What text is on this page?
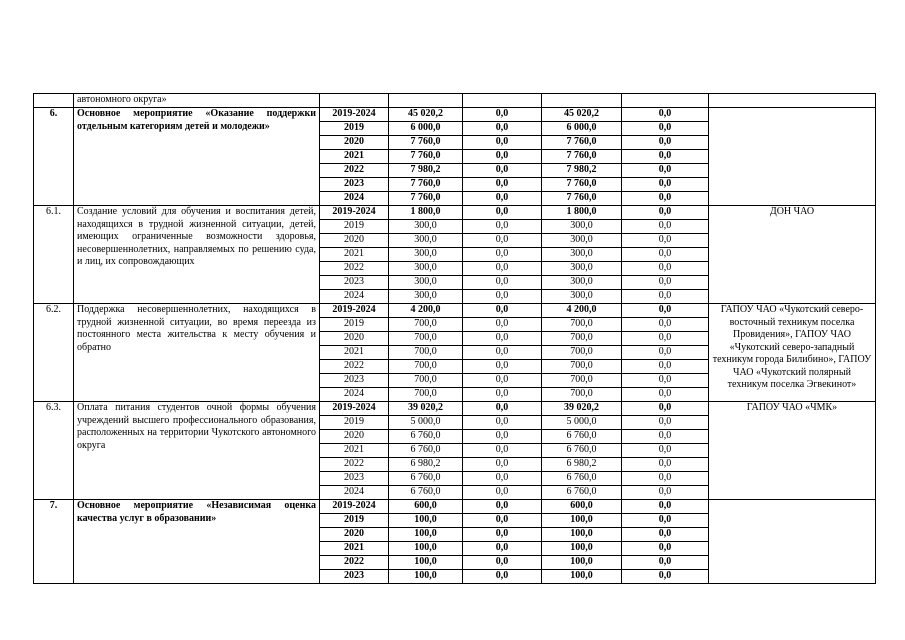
	автономного округа»						
6.	Основное мероприятие «Оказание поддержки отдельным категориям детей и молодежи»	2019-2024	45 020,2	0,0	45 020,2	0,0	
		2019	6 000,0	0,0	6 000,0	0,0	
		2020	7 760,0	0,0	7 760,0	0,0	
		2021	7 760,0	0,0	7 760,0	0,0	
		2022	7 980,2	0,0	7 980,2	0,0	
		2023	7 760,0	0,0	7 760,0	0,0	
		2024	7 760,0	0,0	7 760,0	0,0	
6.1.	Создание условий для обучения и воспитания детей, находящихся в трудной жизненной ситуации, детей, имеющих ограниченные возможности здоровья, несовершеннолетних, направляемых по решению суда, и лиц, их сопровождающих	2019-2024	1 800,0	0,0	1 800,0	0,0	ДОН ЧАО
		2019	300,0	0,0	300,0	0,0	
		2020	300,0	0,0	300,0	0,0	
		2021	300,0	0,0	300,0	0,0	
		2022	300,0	0,0	300,0	0,0	
		2023	300,0	0,0	300,0	0,0	
		2024	300,0	0,0	300,0	0,0	
6.2.	Поддержка несовершеннолетних, находящихся в трудной жизненной ситуации, во время переезда из постоянного места жительства к месту обучения и обратно	2019-2024	4 200,0	0,0	4 200,0	0,0	ГАПОУ ЧАО «Чукотский северо-восточный техникум поселка Провидения», ГАПОУ ЧАО «Чукотский северо-западный техникум города Билибино», ГАПОУ ЧАО «Чукотский полярный техникум поселка Эгвекинот»
		2019	700,0	0,0	700,0	0,0	
		2020	700,0	0,0	700,0	0,0	
		2021	700,0	0,0	700,0	0,0	
		2022	700,0	0,0	700,0	0,0	
		2023	700,0	0,0	700,0	0,0	
		2024	700,0	0,0	700,0	0,0	
6.3.	Оплата питания студентов очной формы обучения учреждений высшего профессионального образования, расположенных на территории Чукотского автономного округа	2019-2024	39 020,2	0,0	39 020,2	0,0	ГАПОУ ЧАО «ЧМК»
		2019	5 000,0	0,0	5 000,0	0,0	
		2020	6 760,0	0,0	6 760,0	0,0	
		2021	6 760,0	0,0	6 760,0	0,0	
		2022	6 980,2	0,0	6 980,2	0,0	
		2023	6 760,0	0,0	6 760,0	0,0	
		2024	6 760,0	0,0	6 760,0	0,0	
7.	Основное мероприятие «Независимая оценка качества услуг в образовании»	2019-2024	600,0	0,0	600,0	0,0	
		2019	100,0	0,0	100,0	0,0	
		2020	100,0	0,0	100,0	0,0	
		2021	100,0	0,0	100,0	0,0	
		2022	100,0	0,0	100,0	0,0	
		2023	100,0	0,0	100,0	0,0	
